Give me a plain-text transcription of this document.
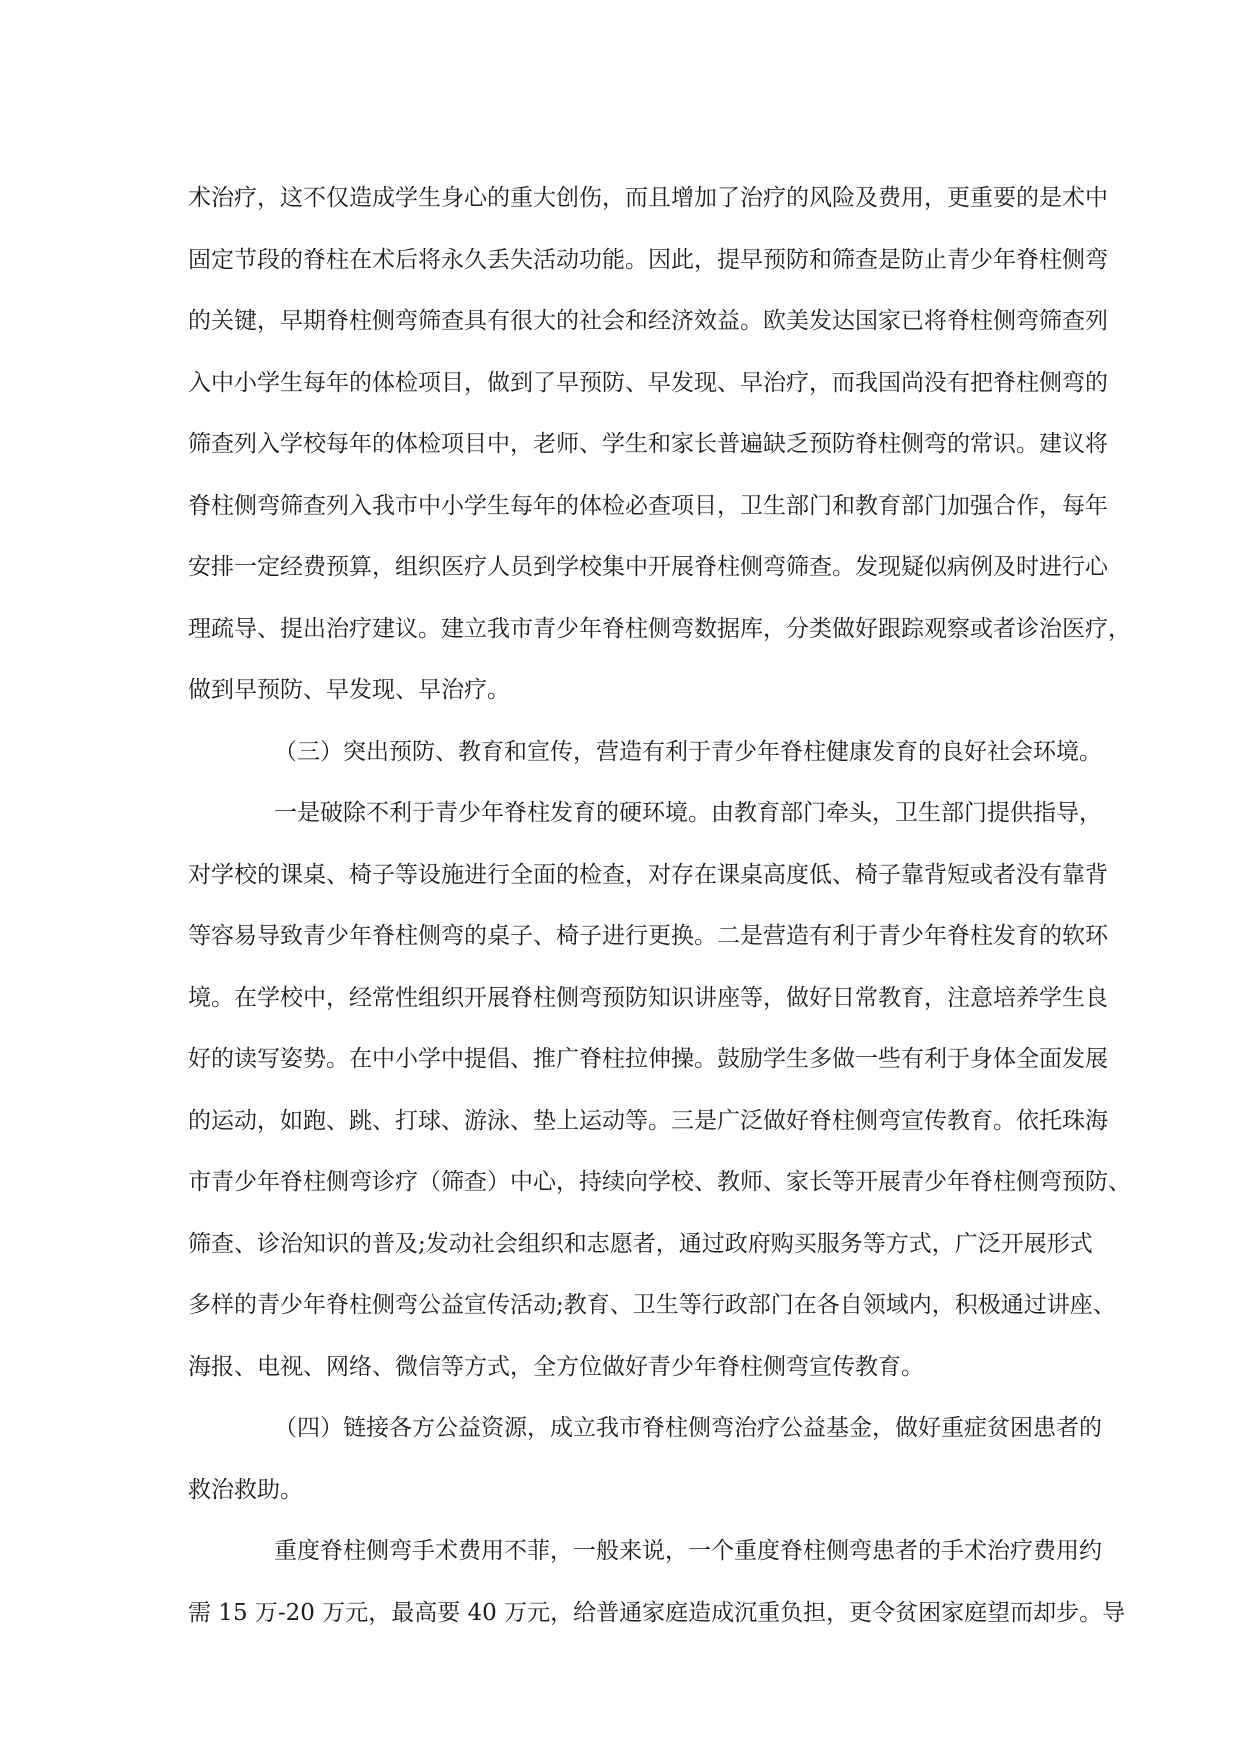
术治疗，这不仅造成学生身心的重大创伤，而且增加了治疗的风险及费用，更重要的是术中
固定节段的脊柱在术后将永久丢失活动功能。因此，提早预防和筛查是防止青少年脊柱侧弯
的关键，早期脊柱侧弯筛查具有很大的社会和经济效益。欧美发达国家已将脊柱侧弯筛查列
入中小学生每年的体检项目，做到了早预防、早发现、早治疗，而我国尚没有把脊柱侧弯的
筛查列入学校每年的体检项目中，老师、学生和家长普遍缺乏预防脊柱侧弯的常识。建议将
脊柱侧弯筛查列入我市中小学生每年的体检必查项目，卫生部门和教育部门加强合作，每年
安排一定经费预算，组织医疗人员到学校集中开展脊柱侧弯筛查。发现疑似病例及时进行心
理疏导、提出治疗建议。建立我市青少年脊柱侧弯数据库，分类做好跟踪观察或者诊治医疗，
做到早预防、早发现、早治疗。
（三）突出预防、教育和宣传，营造有利于青少年脊柱健康发育的良好社会环境。
一是破除不利于青少年脊柱发育的硬环境。由教育部门牵头，卫生部门提供指导，
对学校的课桌、椅子等设施进行全面的检查，对存在课桌高度低、椅子靠背短或者没有靠背
等容易导致青少年脊柱侧弯的桌子、椅子进行更换。二是营造有利于青少年脊柱发育的软环
境。在学校中，经常性组织开展脊柱侧弯预防知识讲座等，做好日常教育，注意培养学生良
好的读写姿势。在中小学中提倡、推广脊柱拉伸操。鼓励学生多做一些有利于身体全面发展
的运动，如跑、跳、打球、游泳、垫上运动等。三是广泛做好脊柱侧弯宣传教育。依托珠海
市青少年脊柱侧弯诊疗（筛查）中心，持续向学校、教师、家长等开展青少年脊柱侧弯预防、
筛查、诊治知识的普及;发动社会组织和志愿者，通过政府购买服务等方式，广泛开展形式
多样的青少年脊柱侧弯公益宣传活动;教育、卫生等行政部门在各自领域内，积极通过讲座、
海报、电视、网络、微信等方式，全方位做好青少年脊柱侧弯宣传教育。
（四）链接各方公益资源，成立我市脊柱侧弯治疗公益基金，做好重症贫困患者的
救治救助。
重度脊柱侧弯手术费用不菲，一般来说，一个重度脊柱侧弯患者的手术治疗费用约
需 15 万-20 万元，最高要 40 万元，给普通家庭造成沉重负担，更令贫困家庭望而却步。导
